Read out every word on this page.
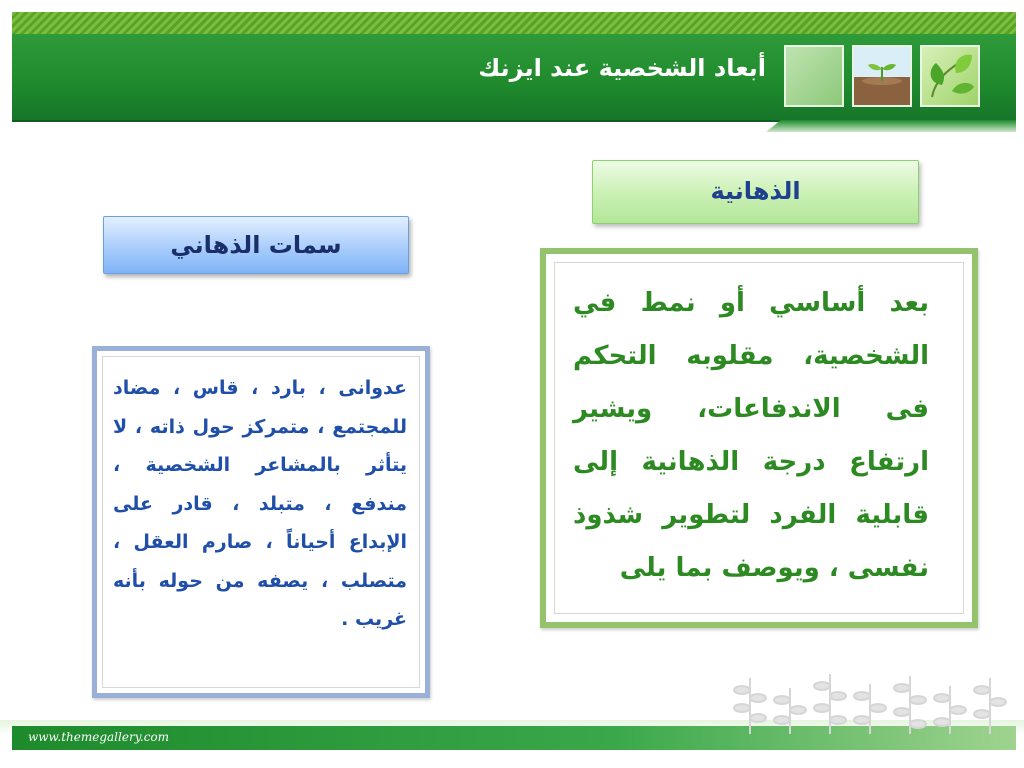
أبعاد الشخصية عند ايزنك
الذهانية
سمات الذهاني
بعد أساسي أو نمط في الشخصية، مقلوبه التحكم فى الاندفاعات، ويشير ارتفاع درجة الذهانية إلى قابلية الفرد لتطوير شذوذ نفسى ، ويوصف بما يلى
عدوانى ، بارد ، قاس ، مضاد للمجتمع ، متمركز حول ذاته ، لا يتأثر بالمشاعر الشخصية ، مندفع ، متبلد ، قادر على الإبداع أحياناً ، صارم العقل ، متصلب ، يصفه من حوله بأنه غريب .
www.themegallery.com
